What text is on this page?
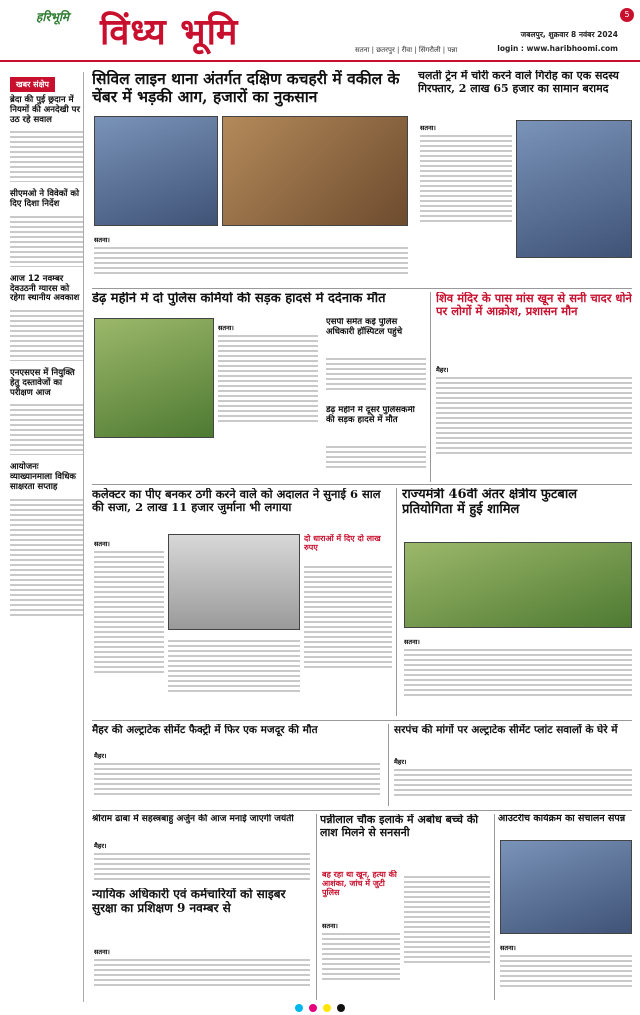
हरिभूमि विंध्य भूमि	सतना | छतरपुर | रीवा | सिंगरौली | पन्ना
जबलपुर, शुक्रवार 8 नवंबर 2024
login : www.haribhoomi.com
5
खबर संक्षेप
ब्रेदा की पुई छ्रदान में नियमों की अनदेखी पर उठ रहे सवाल
सीएमओ ने विवेकों को दिए दिशा निर्देश
आज 12 नवम्बर देवउठनी ग्यारस को रहेगा स्थानीय अवकाश
एनएसएस में नियुक्ति हेतु दस्तावेजों का परीक्षण आज
आयोजनः व्याख्यानमाला विधिक साक्षरता सप्ताह
सिविल लाइन थाना अंतर्गत दक्षिण कचहरी में वकील के चेंबर में भड़की आग, हजारों का नुकसान
सतना।
चलती ट्रेन में चोरी करने वाले गिरोह का एक सदस्य गिरफ्तार, 2 लाख 65 हजार का सामान बरामद
सतना।
डेढ़ महीने में दो पुलिस कर्मियों की सड़क हादसे में दर्दनाक मौत
सतना।
एसपी समेत कई पुलिस अधिकारी हॉस्पिटल पहुंचे
डेढ़ महीने में दूसरे पुलिसकर्मी की सड़क हादसे में मौत
शिव मंदिर के पास मांस खून से सनी चादर धोने पर लोगों में आक्रोश, प्रशासन मौन
मैहर।
कलेक्टर का पीए बनकर ठगी करने वाले को अदालत ने सुनाई 6 साल की सजा, 2 लाख 11 हजार जुर्माना भी लगाया
सतना।
दो धाराओं में दिए दो लाख रुपए
राज्यमंत्री 46वीं अंतर क्षेत्रीय फुटबाल प्रतियोगिता में हुई शामिल
सतना।
मैहर की अल्ट्राटेक सीमेंट फैक्ट्री में फिर एक मजदूर की मौत
मैहर।
सरपंच की मांगों पर अल्ट्राटेक सीमेंट प्लांट सवालों के घेरे में
मैहर।
श्रीराम ढाबा में सहस्त्रबाहु अर्जुन की आज मनाई जाएगी जयंती
मैहर।
न्यायिक अधिकारी एवं कर्मचारियों को साइबर सुरक्षा का प्रशिक्षण 9 नवम्बर से
सतना।
पन्नीलाल चौक इलाके में अबोध बच्चे की लाश मिलने से सनसनी
बह रहा था खून, हत्या की आशंका, जांच में जुटी पुलिस
सतना।
आउटरीच कार्यक्रम का संचालन संपन्न
सतना।
